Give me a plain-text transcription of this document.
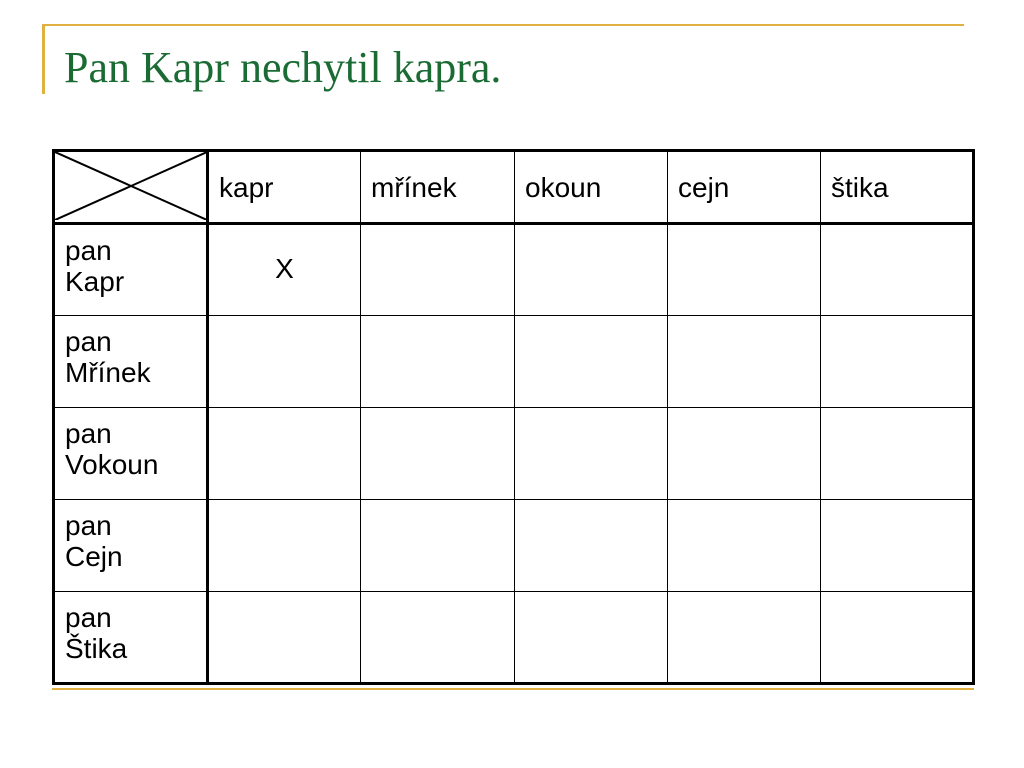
Pan Kapr nechytil kapra.
	kapr	mřínek	okoun	cejn	štika

pan
Kapr	X				

pan
Mřínek					

pan
Vokoun					

pan
Cejn					

pan
Štika					
